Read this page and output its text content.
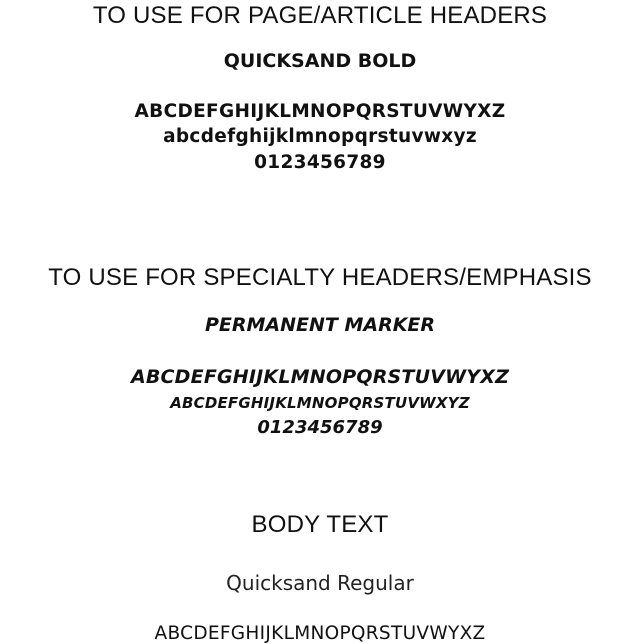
TO USE FOR PAGE/ARTICLE HEADERS
QUICKSAND BOLD
ABCDEFGHIJKLMNOPQRSTUVWYXZ
abcdefghijklmnopqrstuvwxyz
0123456789
TO USE FOR SPECIALTY HEADERS/EMPHASIS
PERMANENT MARKER
ABCDEFGHIJKLMNOPQRSTUVWYXZ
ABCDEFGHIJKLMNOPQRSTUVWXYZ
0123456789
BODY TEXT
Quicksand Regular
ABCDEFGHIJKLMNOPQRSTUVWYXZ
